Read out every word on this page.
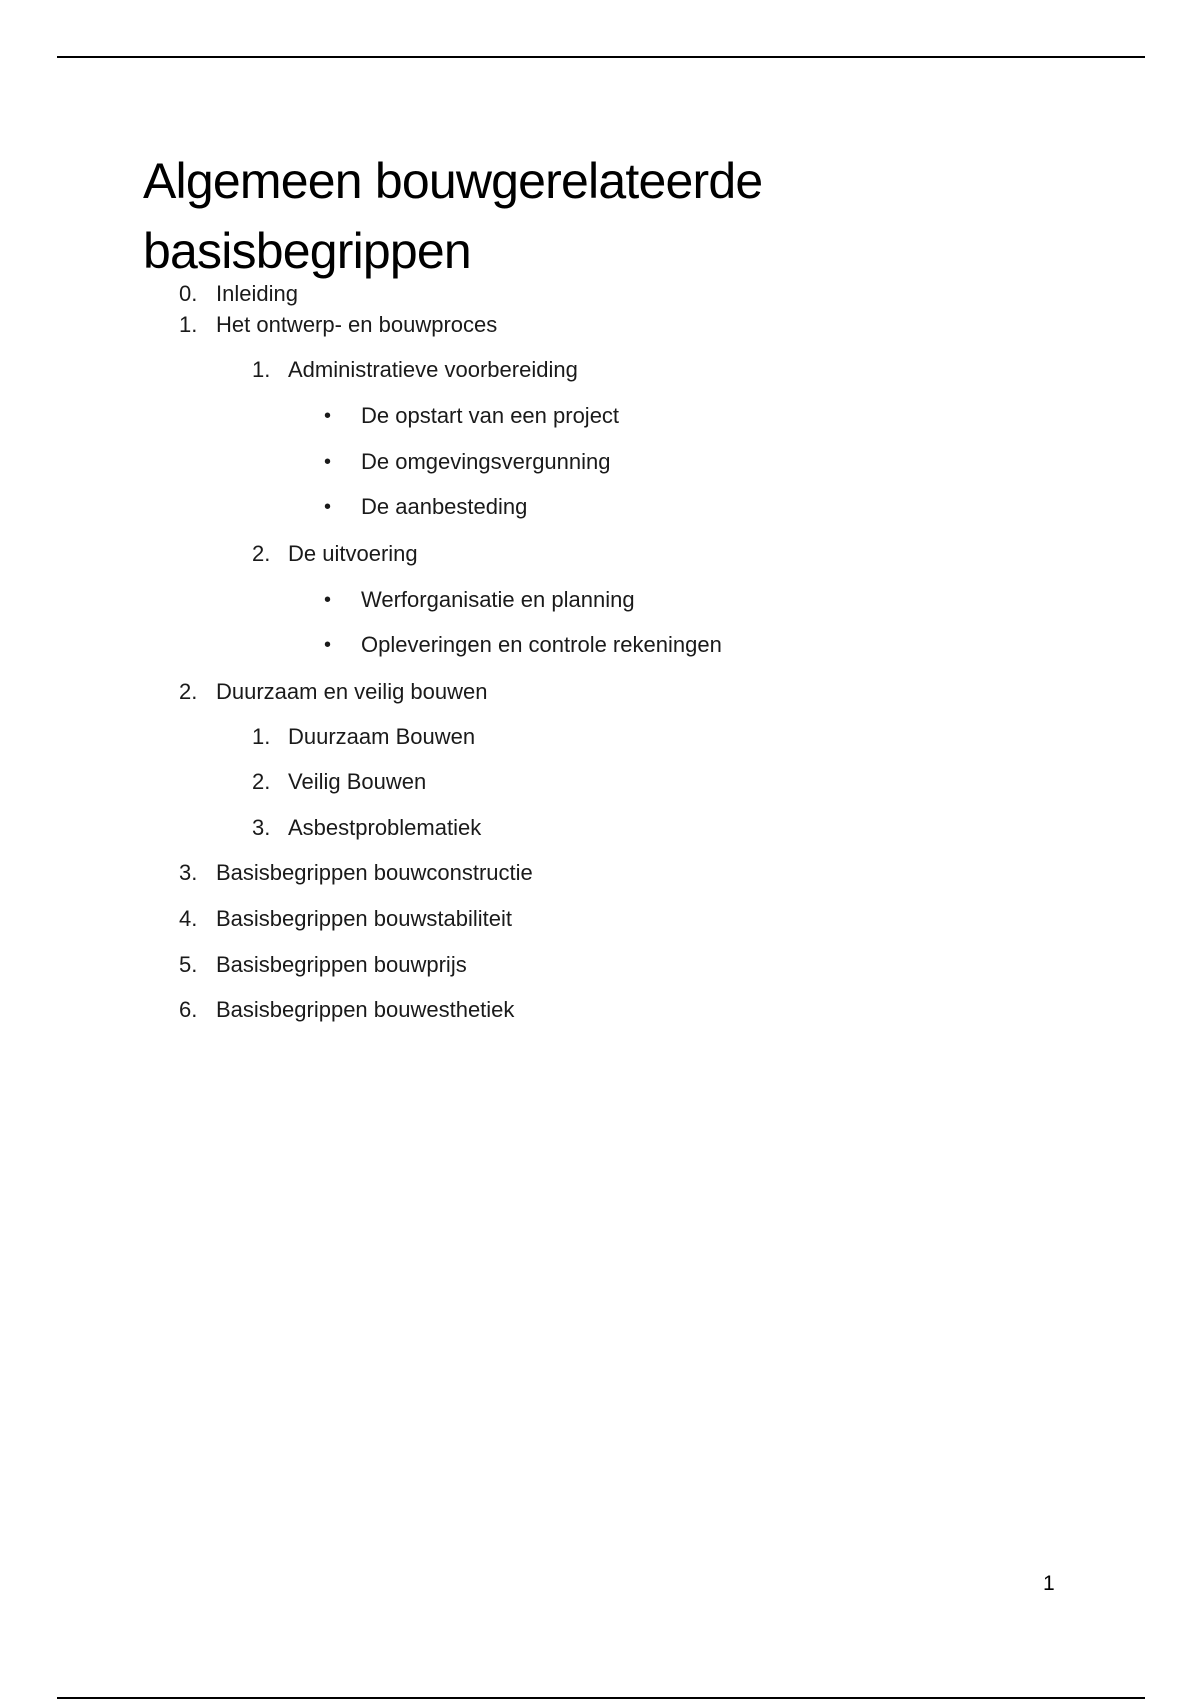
Algemeen bouwgerelateerde basisbegrippen
0. Inleiding
1. Het ontwerp- en bouwproces
1. Administratieve voorbereiding
• De opstart van een project
• De omgevingsvergunning
• De aanbesteding
2. De uitvoering
• Werforganisatie en planning
• Opleveringen en controle rekeningen
2. Duurzaam en veilig bouwen
1. Duurzaam Bouwen
2. Veilig Bouwen
3. Asbestproblematiek
3. Basisbegrippen bouwconstructie
4. Basisbegrippen bouwstabiliteit
5. Basisbegrippen bouwprijs
6. Basisbegrippen bouwesthetiek
1
